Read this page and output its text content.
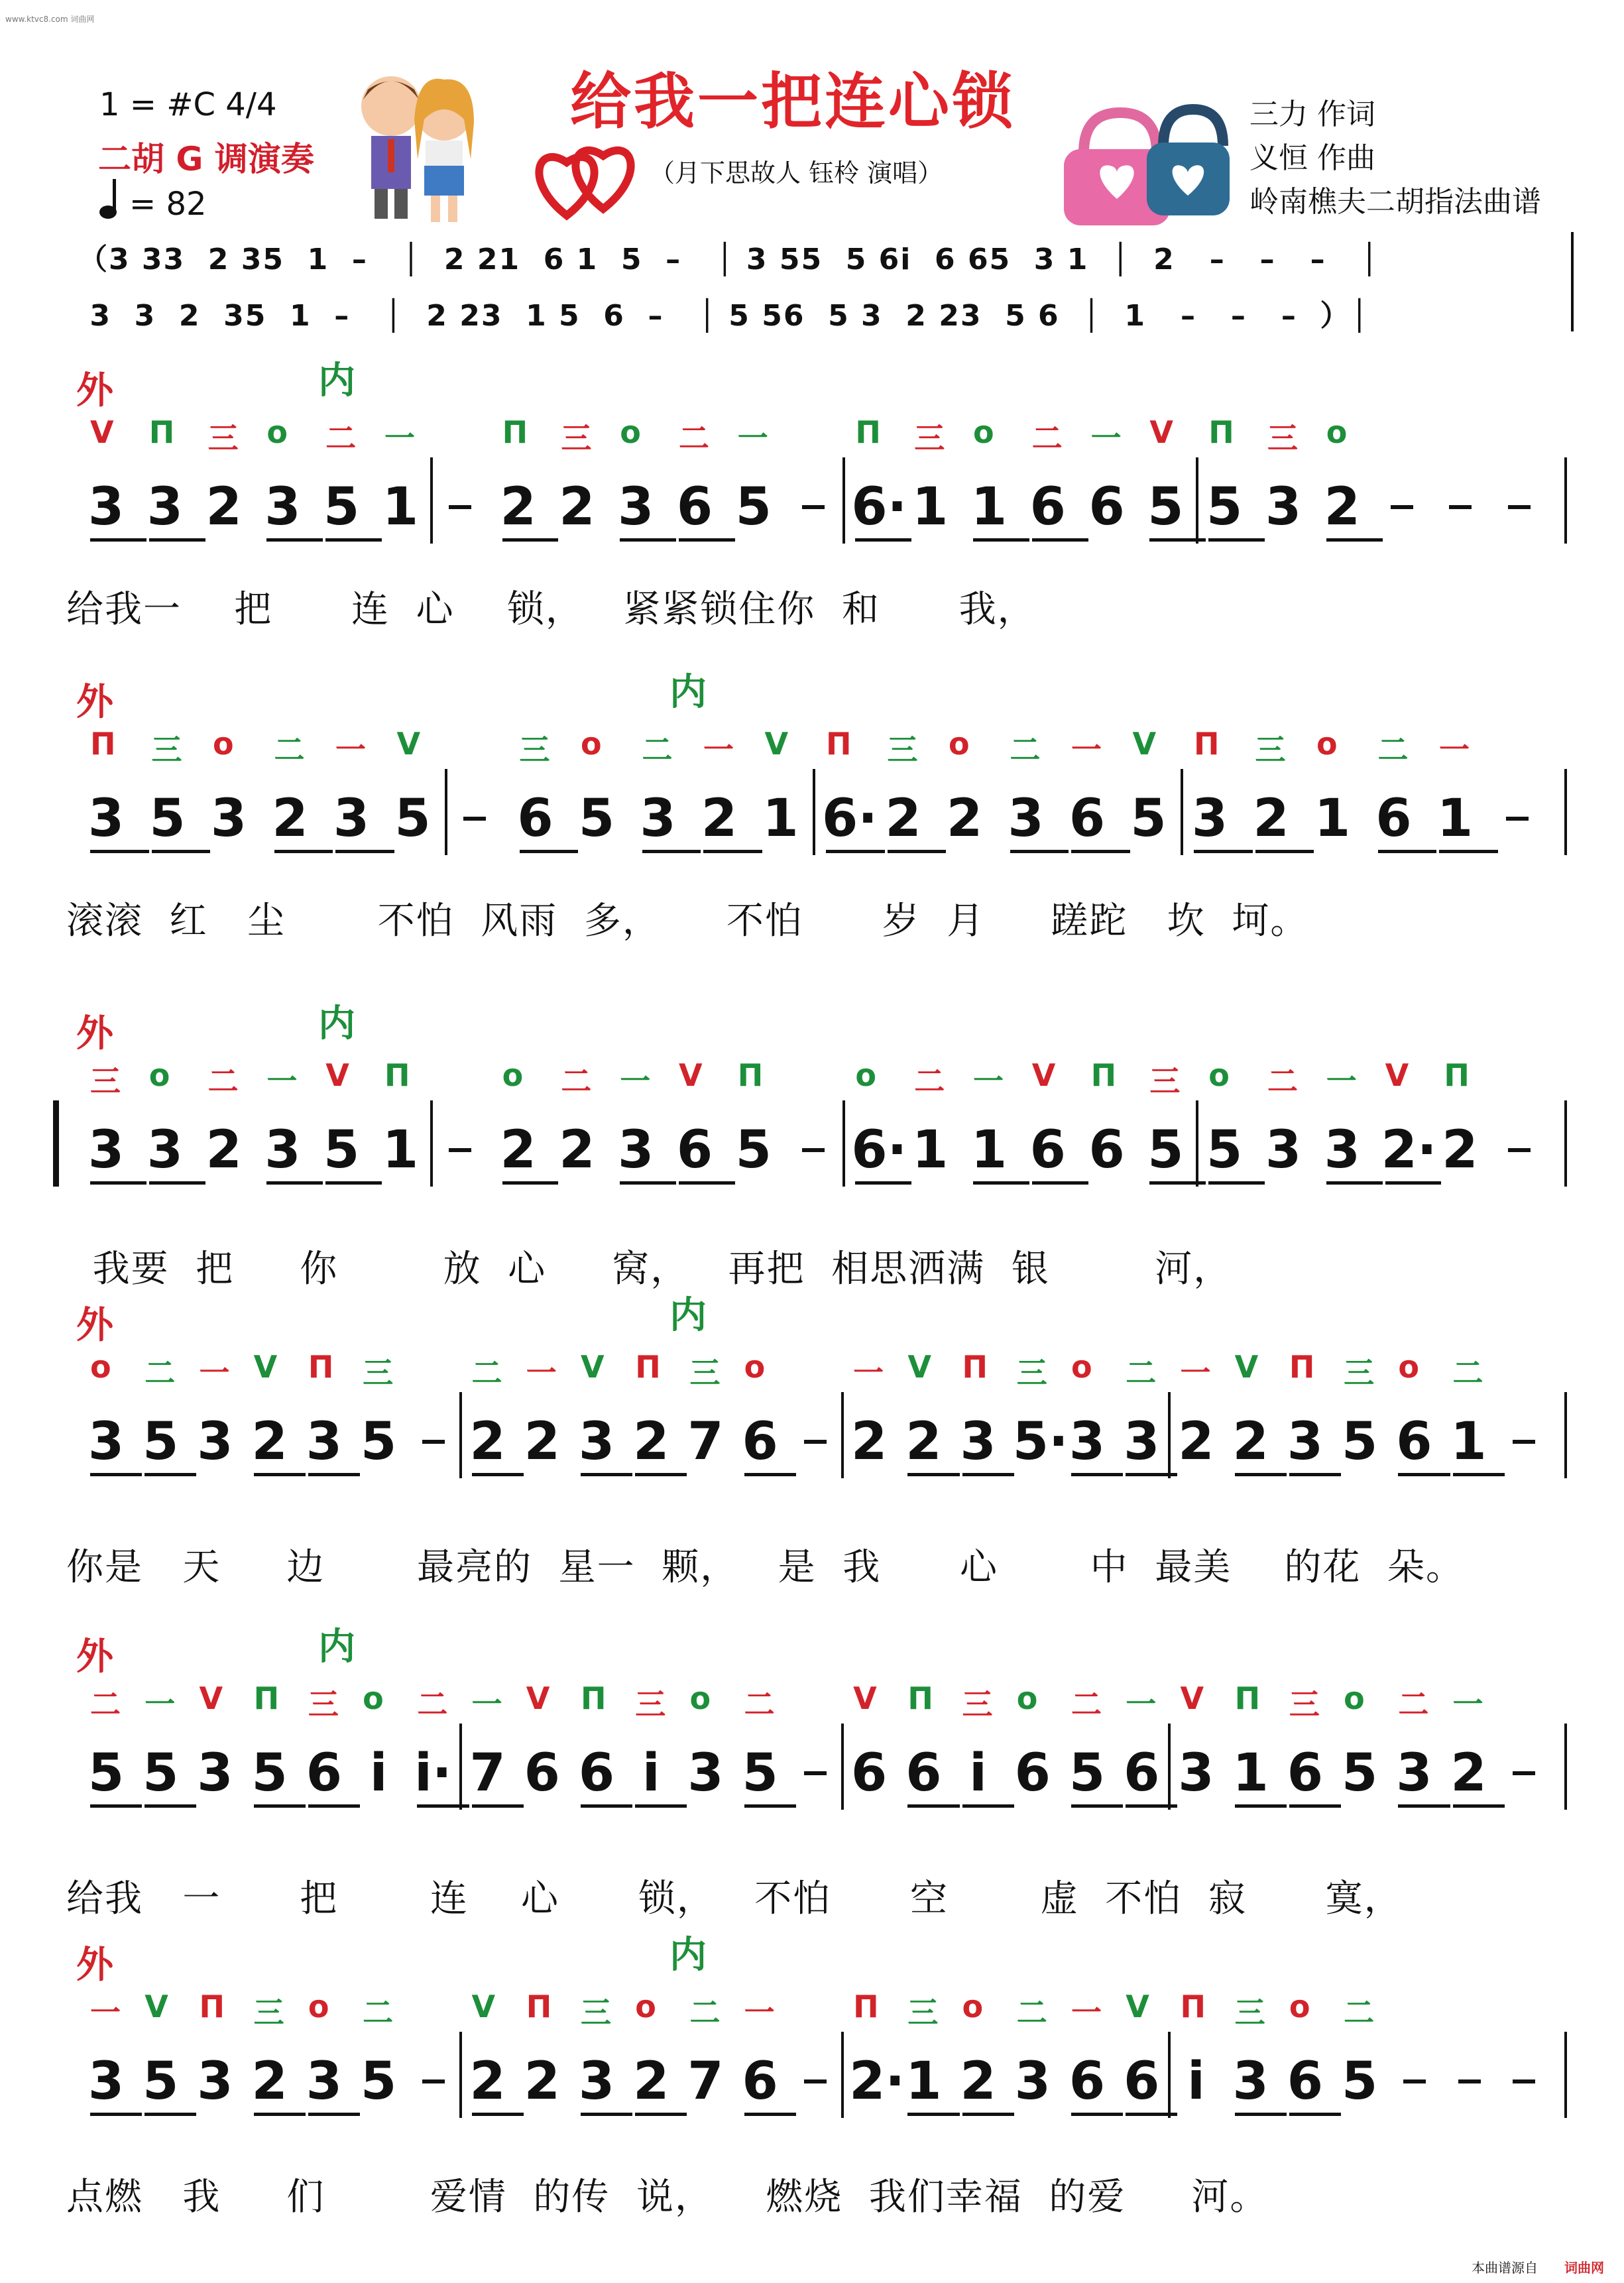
www.ktvc8.com 词曲网
1 = #C 4/4
二胡 G 调演奏
= 82
给我一把连心锁
（月下思故人 钰柃 演唱）
三力 作词
义恒 作曲
岭南樵夫二胡指法曲谱
（3 33  2 35  1  –   │  2 21  6 1  5  –   │ 3 55  5 6i  6 65  3 1  │  2   –   –   –   │
3  3  2  35  1  –   │  2 23  1 5  6  –   │ 5 56  5 3  2 23  5 6  │  1   –   –   –  ）│
3
V
3
П
2
三
3
o
5
二
1
一
2
П
2
三
3
o
6
二
5
一
6·
П
1
三
1
o
6
二
6
一
5
V
5
П
3
三
2
o
3
П
5
三
3
o
2
二
3
一
5
V
6
三
5
o
3
二
2
一
1
V
6·
П
2
三
2
o
3
二
6
一
5
V
3
П
2
三
1
o
6
二
1
一
3
三
3
o
2
二
3
一
5
V
1
П
2
o
2
二
3
一
6
V
5
П
6·
o
1
二
1
一
6
V
6
П
5
三
5
o
3
二
3
一
2·
V
2
П
3
o
5
二
3
一
2
V
3
П
5
三
2
二
2
一
3
V
2
П
7
三
6
o
2
一
2
V
3
П
5·
三
3
o
3
二
2
一
2
V
3
П
5
三
6
o
1
二
5
二
5
一
3
V
5
П
6
三
i
o
i·
二
7
一
6
V
6
П
i
三
3
o
5
二
6
V
6
П
i
三
6
o
5
二
6
一
3
V
1
П
6
三
5
o
3
二
2
一
3
一
5
V
3
П
2
三
3
o
5
二
2
V
2
П
3
三
2
o
7
二
6
一
2·
П
1
三
2
o
3
二
6
一
6
V
i
П
3
三
6
o
5
二
本曲谱源自 词曲网
外	内
给我一    把      连  心    锁，   紧紧锁住你  和      我，
外	内
滚滚  红   尘       不怕  风雨  多，     不怕      岁  月     蹉跎   坎  坷。
外	内
我要  把     你        放  心     窝，   再把  相思洒满  银        河，
外	内
你是   天     边       最亮的  星一  颗，   是  我      心       中  最美    的花  朵。
外	内
给我   一      把       连    心      锁，   不怕      空       虚  不怕  寂      寞，
外	内
点燃   我     们        爱情  的传  说，    燃烧  我们幸福  的爱     河。
